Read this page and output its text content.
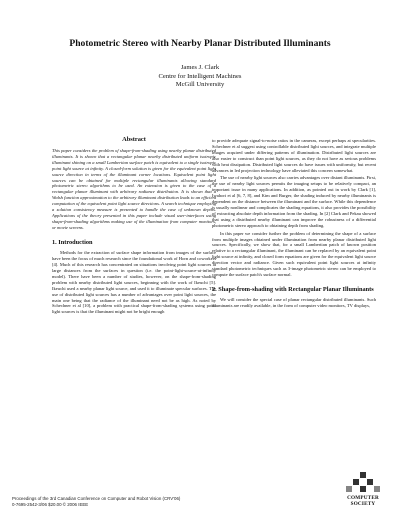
Photometric Stereo with Nearby Planar Distributed Illuminants
James J. Clark
Centre for Intelligent Machines
McGill University
Abstract

This paper considers the problem of shape-from-shading using nearby planar distributed illuminants. It is shown that a rectangular planar nearby distributed uniform isotropic illuminant shining on a small Lambertian surface patch is equivalent to a single isotropic point light source at infinity. A closed-form solution is given for the equivalent point light source direction in terms of the illuminant corner locations. Equivalent point light sources can be obtained for multiple rectangular illuminants allowing standard photometric stereo algorithms to be used. An extension is given to the case of a rectangular planar illuminant with arbitrary radiance distribution. It is shown that a Walsh function approximation to the arbitrary illuminant distribution leads to an efficient computation of the equivalent point light source directions. A search technique employing a solution consistency measure is presented to handle the case of unknown depths. Applications of the theory presented in this paper include visual user-interfaces using shape-from-shading algorithms making use of the illumination from computer monitors, or movie screens.

1. Introduction

Methods for the extraction of surface shape information from images of the surface have been the focus of much research since the foundational work of Horn and coworkers [4]. Much of this research has concentrated on situations involving point light sources at large distances from the surfaces in question (i.e. the point-light-source-at-infinity model). There have been a number of studies, however, on the shape-from-shading problem with nearby distributed light sources, beginning with the work of Ikeuchi [5]. Ikeuchi used a nearby planar light source, and used it to illuminate specular surfaces. The use of distributed light sources has a number of advantages over point light sources, the main one being that the radiance of the illuminant need not be as high. As noted by Schechner et al [10], a problem with practical shape-from-shading systems using point light sources is that the illuminant might not be bright enough

to provide adequate signal-to-noise ratios in the cameras, except perhaps at specularities. Schechner et al suggest using controllable distributed light sources, and integrate multiple images acquired under differing patterns of illumination. Distributed light sources are also easier to construct than point light sources, as they do not have as serious problems with heat dissipation. Distributed light sources do have issues with uniformity, but recent advances in led projection technology have alleviated this concern somewhat.

The use of nearby light sources also carries advantages over distant illuminants. First, the use of nearby light sources permits the imaging setups to be relatively compact, an important issue in many applications. In addition, as pointed out in work by Clark [1], Iwahori et al [6, 7, 8], and Kim and Burger, the shading induced by nearby illuminants is dependent on the distance between the illuminant and the surface. While this dependence is usually nonlinear and complicates the shading equations, it also provides the possibility of extracting absolute depth information from the shading. In [2] Clark and Pekau showed that using a distributed nearby illuminant can improve the robustness of a differential photometric stereo approach to obtaining depth from shading.

In this paper we consider further the problem of determining the shape of a surface from multiple images obtained under illumination from nearby planar distributed light sources. Specifically, we show that, for a small Lambertian patch of known position relative to a rectangular illuminant, the illuminant can be replaced by an equivalent point light source at infinity, and closed form equations are given for the equivalent light source direction vector and radiance. Given such equivalent point light sources at infinity standard photometric techniques such as 3-image photometric stereo can be employed to compute the surface patch's surface normal.

2. Shape-from-shading with Rectangular Planar Illuminants

We will consider the special case of planar rectangular distributed illuminants. Such illuminants are readily available, in the form of computer video monitors, TV displays,

Proceedings of the 3rd Canadian Conference on Computer and Robot Vision (CRV'06)
0-7695-2542-3/06 $20.00 © 2006 IEEE
COMPUTER
SOCIETY
